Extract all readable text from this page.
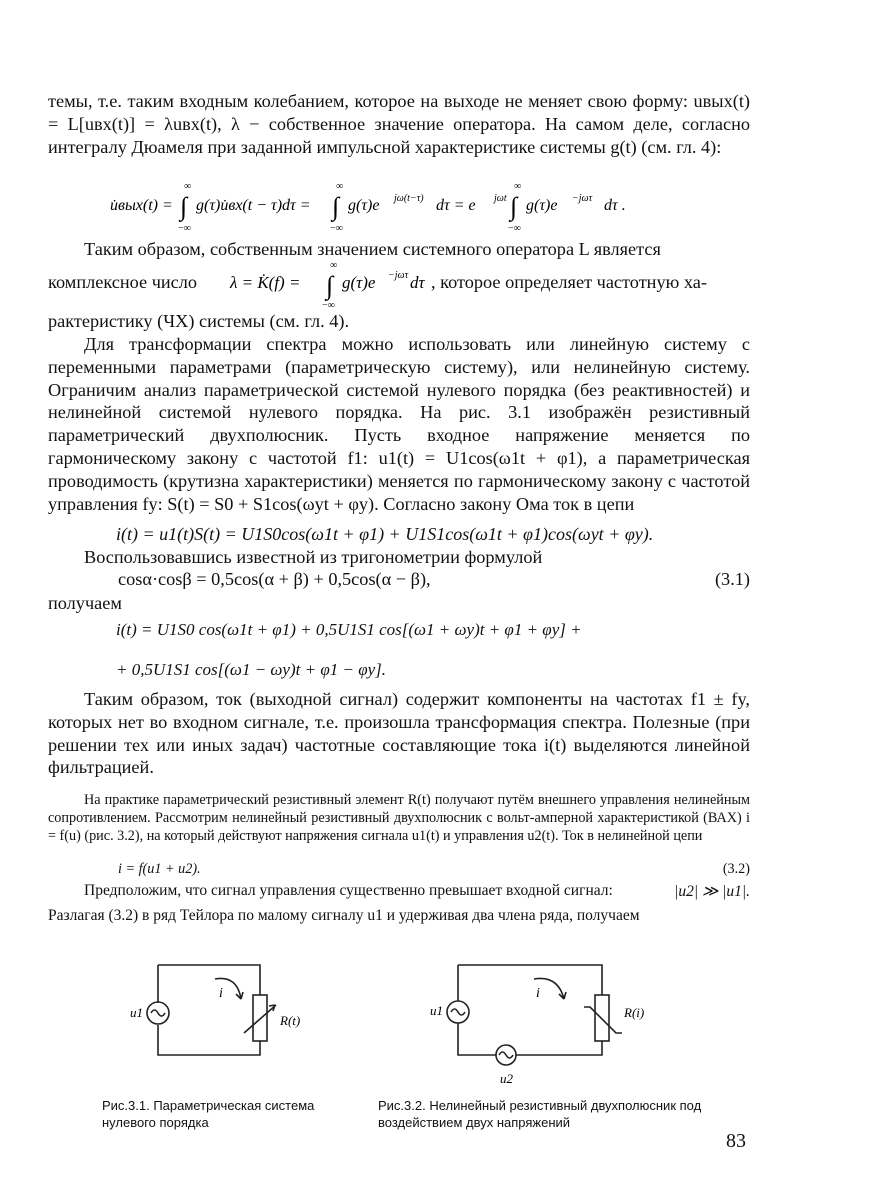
темы, т.е. таким входным колебанием, которое на выходе не меняет свою форму: uвых(t) = L[uвх(t)] = λuвх(t), λ − собственное значение оператора. На самом деле, согласно интегралу Дюамеля при заданной импульсной характеристике системы g(t) (см. гл. 4):

u̇вых(t) =
∞
∫
−∞
g(τ)u̇вх(t − τ)dτ =
∞
∫
−∞
g(τ)e jω(t−τ) dτ = e jωt
∞
∫
−∞
g(τ)e −jωτ dτ .

Таким образом, собственным значением системного оператора L является

комплексное число λ = K̇(f) =
∞
∫
−∞
g(τ)e −jωτ dτ , которое определяет частотную ха-

рактеристику (ЧХ) системы (см. гл. 4).

Для трансформации спектра можно использовать или линейную систему с переменными параметрами (параметрическую систему), или нелинейную систему. Ограничим анализ параметрической системой нулевого порядка (без реактивностей) и нелинейной системой нулевого порядка. На рис. 3.1 изображён резистивный параметрический двухполюсник. Пусть входное напряжение меняется по гармоническому закону с частотой f1: u1(t) = U1cos(ω1t + φ1), а параметрическая проводимость (крутизна характеристики) меняется по гармоническому закону с частотой управления fy: S(t) = S0 + S1cos(ωyt + φy). Согласно закону Ома ток в цепи

i(t) = u1(t)S(t) = U1S0cos(ω1t + φ1) + U1S1cos(ω1t + φ1)cos(ωyt + φy).

Воспользовавшись известной из тригонометрии формулой

cosα·cosβ = 0,5cos(α + β) + 0,5cos(α − β),	(3.1)

получаем

i(t) = U1S0 cos(ω1t + φ1) + 0,5U1S1 cos[(ω1 + ωy)t + φ1 + φy] +
+ 0,5U1S1 cos[(ω1 − ωy)t + φ1 − φy].

Таким образом, ток (выходной сигнал) содержит компоненты на частотах f1 ± fy, которых нет во входном сигнале, т.е. произошла трансформация спектра. Полезные (при решении тех или иных задач) частотные составляющие тока i(t) выделяются линейной фильтрацией.

На практике параметрический резистивный элемент R(t) получают путём внешнего управления нелинейным сопротивлением. Рассмотрим нелинейный резистивный двухполюсник с вольт-амперной характеристикой (ВАХ) i = f(u) (рис. 3.2), на который действуют напряжения сигнала u1(t) и управления u2(t). Ток в нелинейной цепи

i = f(u1 + u2).	(3.2)
Предположим, что сигнал управления существенно превышает входной сигнал:	|u2| ≫ |u1|.

Разлагая (3.2) в ряд Тейлора по малому сигналу u1 и удерживая два члена ряда, получаем

u1
i
R(t)
Рис.3.1. Параметрическая система нулевого порядка
u1
u2
i
R(i)
Рис.3.2. Нелинейный резистивный двухполюсник под воздействием двух напряжений
83
